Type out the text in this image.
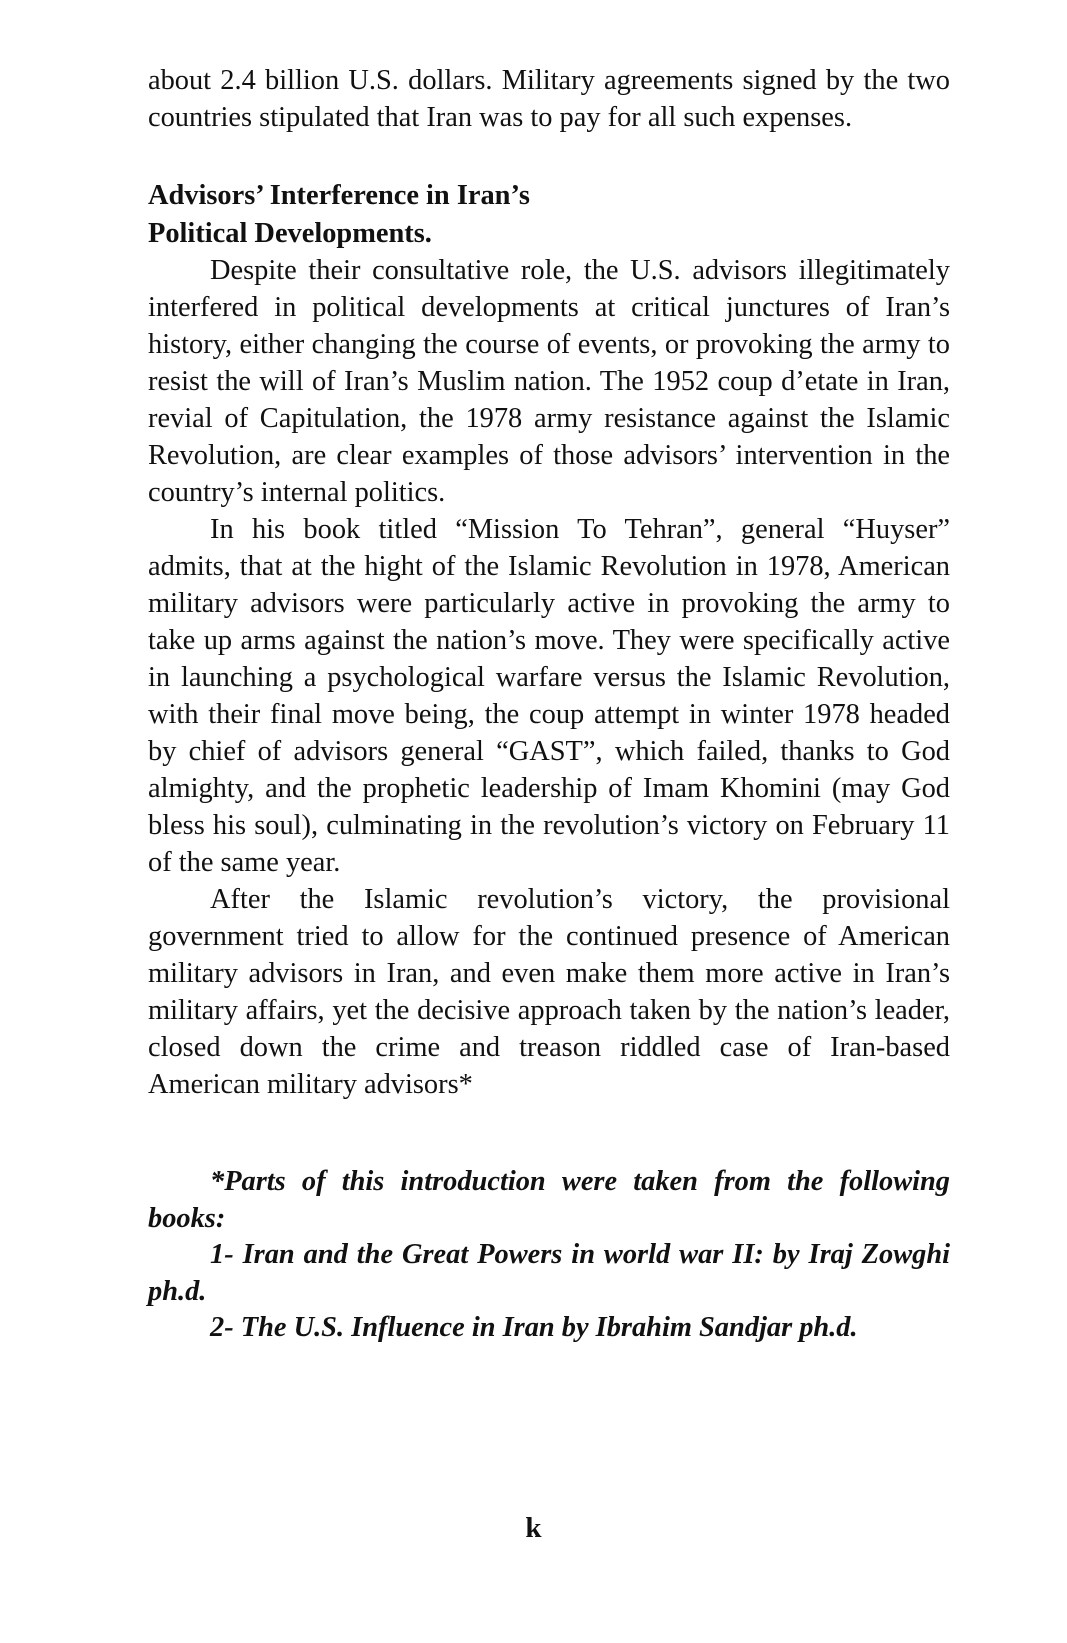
about 2.4 billion U.S. dollars. Military agreements signed by the two countries stipulated that Iran was to pay for all such expenses.

Advisors’ Interference in Iran’s
Political Developments.

Despite their consultative role, the U.S. advisors illegitimately interfered in political developments at critical junctures of Iran’s history, either changing the course of events, or provoking the army to resist the will of Iran’s Muslim nation. The 1952 coup d’etate in Iran, revial of Capitulation, the 1978 army resistance against the Islamic Revolution, are clear examples of those advisors’ intervention in the country’s internal politics.

In his book titled “Mission To Tehran”, general “Huyser” admits, that at the hight of the Islamic Revolution in 1978, American military advisors were particularly active in provoking the army to take up arms against the nation’s move. They were specifically active in launching a psychological warfare versus the Islamic Revolution, with their final move being, the coup attempt in winter 1978 headed by chief of advisors general “GAST”, which failed, thanks to God almighty, and the prophetic leadership of Imam Khomini (may God bless his soul), culminating in the revolution’s victory on February 11 of the same year.

After the Islamic revolution’s victory, the provisional government tried to allow for the continued presence of American military advisors in Iran, and even make them more active in Iran’s military affairs, yet the decisive approach taken by the nation’s leader, closed down the crime and treason riddled case of Iran-based American military advisors*

*Parts of this introduction were taken from the following books:

1- Iran and the Great Powers in world war II: by Iraj Zowghi ph.d.

2- The U.S. Influence in Iran by Ibrahim Sandjar ph.d.

k
